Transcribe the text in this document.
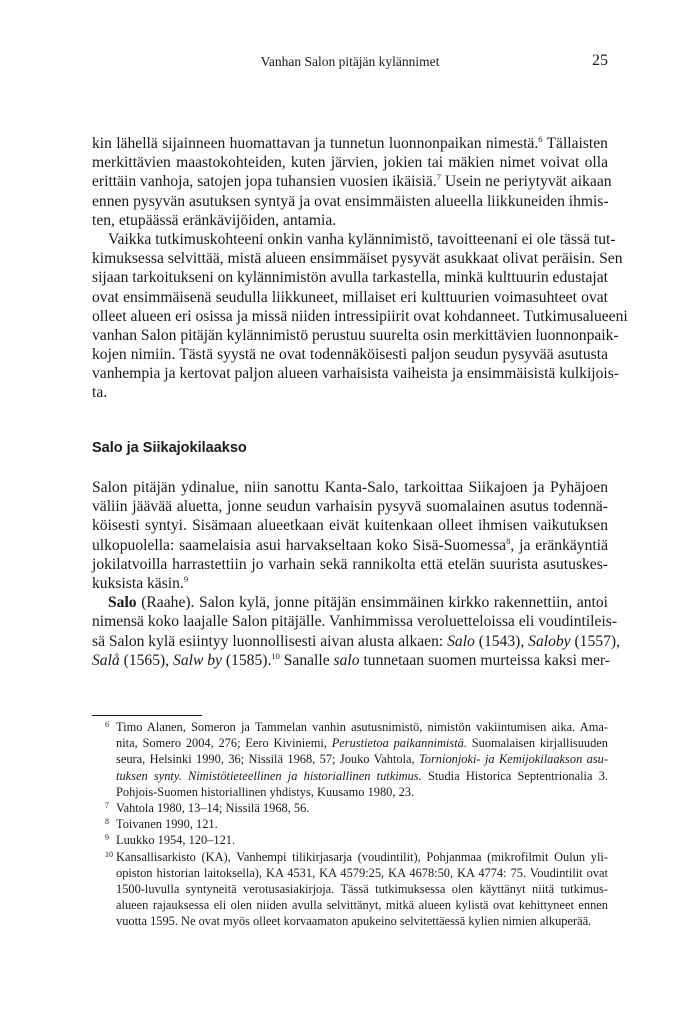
Vanhan Salon pitäjän kylännimet	25
kin lähellä sijainneen huomattavan ja tunnetun luonnonpaikan nimestä.$^6$ Tällaisten
merkittävien maastokohteiden, kuten järvien, jokien tai mäkien nimet voivat olla
erittäin vanhoja, satojen jopa tuhansien vuosien ikäisiä.$^7$ Usein ne periytyvät aikaan
ennen pysyvän asutuksen syntyä ja ovat ensimmäisten alueella liikkuneiden ihmis-
ten, etupäässä eränkävijöiden, antamia.
Vaikka tutkimuskohteeni onkin vanha kylännimistö, tavoitteenani ei ole tässä tut-
kimuksessa selvittää, mistä alueen ensimmäiset pysyvät asukkaat olivat peräisin. Sen
sijaan tarkoitukseni on kylännimistön avulla tarkastella, minkä kulttuurin edustajat
ovat ensimmäisenä seudulla liikkuneet, millaiset eri kulttuurien voimasuhteet ovat
olleet alueen eri osissa ja missä niiden intressipiirit ovat kohdanneet. Tutkimusalueeni
vanhan Salon pitäjän kylännimistö perustuu suurelta osin merkittävien luonnonpaik-
kojen nimiin. Tästä syystä ne ovat todennäköisesti paljon seudun pysyvää asutusta
vanhempia ja kertovat paljon alueen varhaisista vaiheista ja ensimmäisistä kulkijois-
ta.
Salo ja Siikajokilaakso
Salon pitäjän ydinalue, niin sanottu Kanta-Salo, tarkoittaa Siikajoen ja Pyhäjoen
väliin jäävää aluetta, jonne seudun varhaisin pysyvä suomalainen asutus todennä-
köisesti syntyi. Sisämaan alueetkaan eivät kuitenkaan olleet ihmisen vaikutuksen
ulkopuolella: saamelaisia asui harvakseltaan koko Sisä-Suomessa$^8$, ja eränkäyntiä
jokilatvoilla harrastettiin jo varhain sekä rannikolta että etelän suurista asutuskes-
kuksista käsin.$^9$
Salo (Raahe). Salon kylä, jonne pitäjän ensimmäinen kirkko rakennettiin, antoi
nimensä koko laajalle Salon pitäjälle. Vanhimmissa veroluetteloissa eli voudintileis-
sä Salon kylä esiintyy luonnollisesti aivan alusta alkaen: Salo (1543), Saloby (1557),
Salå (1565), Salw by (1585).$^{10}$ Sanalle salo tunnetaan suomen murteissa kaksi mer-
6 Timo Alanen, Someron ja Tammelan vanhin asutusnimistö, nimistön vakiintumisen aika. Ama-
nita, Somero 2004, 276; Eero Kiviniemi, Perustietoa paikannimistä. Suomalaisen kirjallisuuden
seura, Helsinki 1990, 36; Nissilä 1968, 57; Jouko Vahtola, Tornionjoki- ja Kemijokilaakson asu-
tuksen synty. Nimistötieteellinen ja historiallinen tutkimus. Studia Historica Septentrionalia 3.
Pohjois-Suomen historiallinen yhdistys, Kuusamo 1980, 23.
7 Vahtola 1980, 13–14; Nissilä 1968, 56.
8 Toivanen 1990, 121.
9 Luukko 1954, 120–121.
10 Kansallisarkisto (KA), Vanhempi tilikirjasarja (voudintilit), Pohjanmaa (mikrofilmit Oulun yli-
opiston historian laitoksella), KA 4531, KA 4579:25, KA 4678:50, KA 4774: 75. Voudintilit ovat
1500-luvulla syntyneitä verotusasiakirjoja. Tässä tutkimuksessa olen käyttänyt niitä tutkimus-
alueen rajauksessa eli olen niiden avulla selvittänyt, mitkä alueen kylistä ovat kehittyneet ennen
vuotta 1595. Ne ovat myös olleet korvaamaton apukeino selvitettäessä kylien nimien alkuperää.
